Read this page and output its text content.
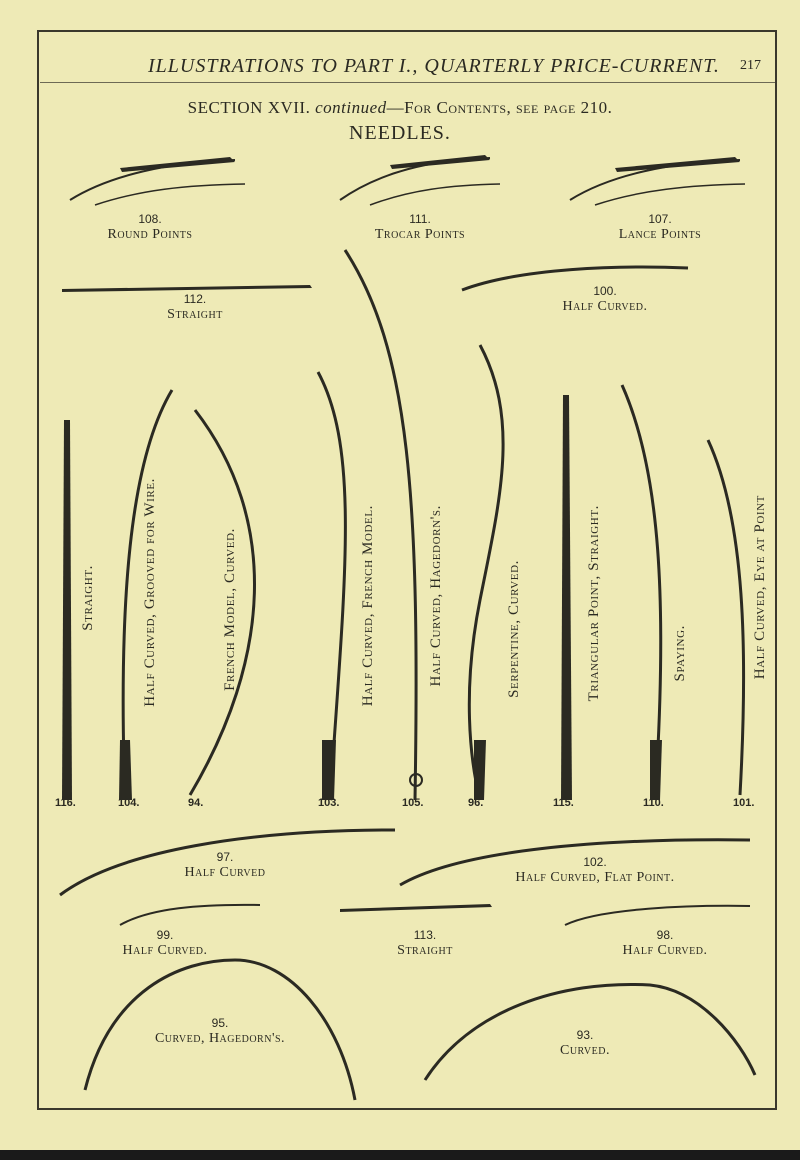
ILLUSTRATIONS TO PART I., QUARTERLY PRICE-CURRENT. 217
SECTION XVII. continued—For Contents, see page 210.
NEEDLES.
108.
Round Points
111.
Trocar Points
107.
Lance Points
112.
Straight
100.
Half Curved.
Straight.	Half Curved, Grooved for Wire.	French Model, Curved.	Half Curved, French Model.	Half Curved, Hagedorn's.	Serpentine, Curved.	Triangular Point, Straight.	Spaying.	Half Curved, Eye at Point
116.	104.	94.	103.	105.	96.	115.	110.	101.
97.
Half Curved
102.
Half Curved, Flat Point.
99.
Half Curved.
113.
Straight
98.
Half Curved.
95.
Curved, Hagedorn's.	93.
Curved.
